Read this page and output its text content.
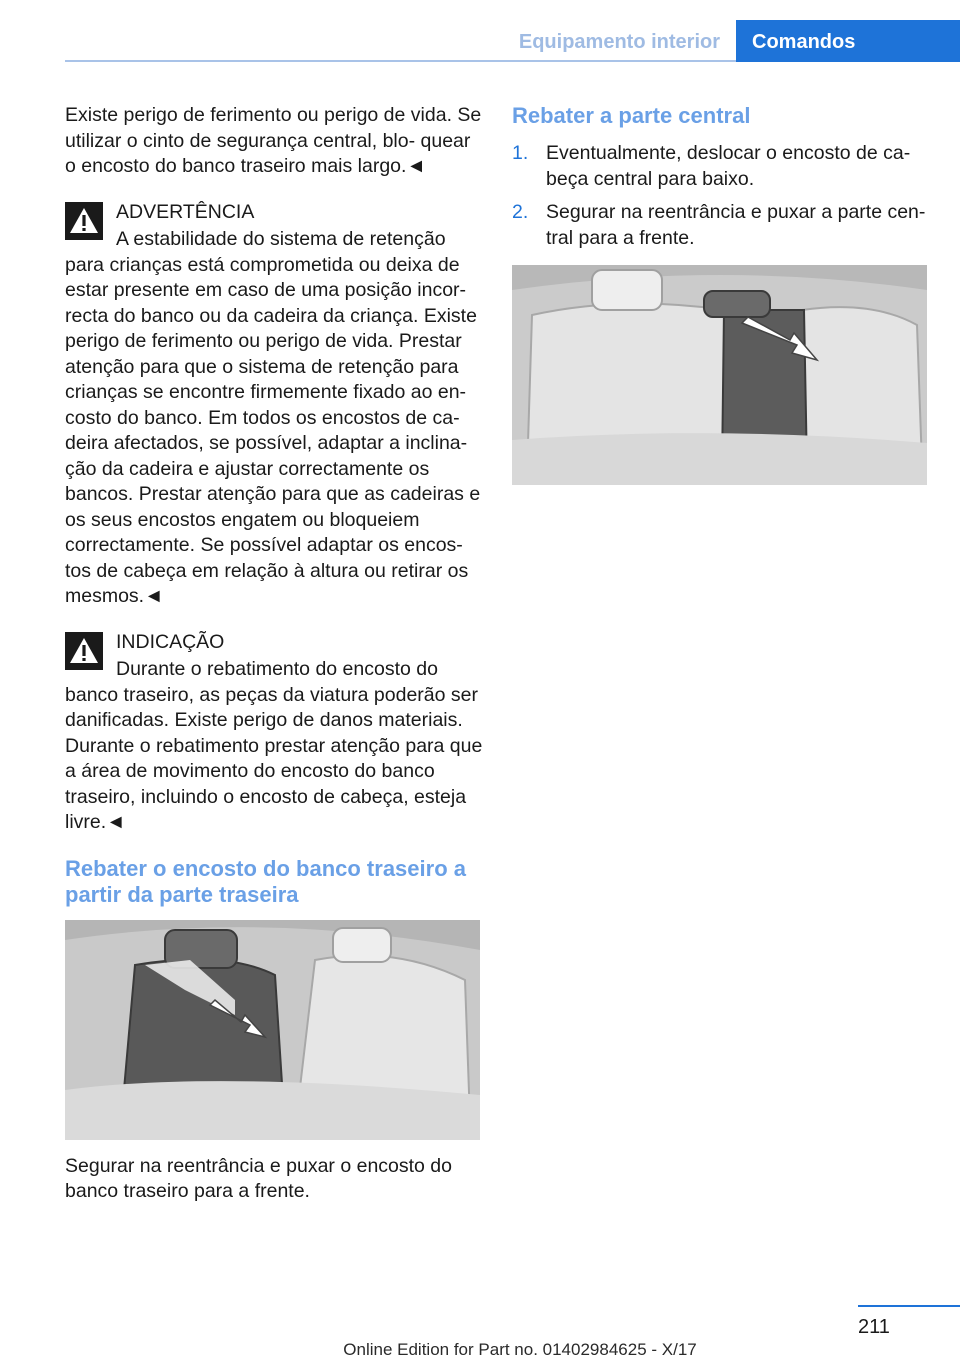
Equipamento interior	Comandos

Existe perigo de ferimento ou perigo de vida. Se utilizar o cinto de segurança central, blo- quear o encosto do banco traseiro mais largo.◄

ADVERTÊNCIA
A estabilidade do sistema de retenção para crianças está comprometida ou deixa de estar presente em caso de uma posição incor- recta do banco ou da cadeira da criança. Existe perigo de ferimento ou perigo de vida. Prestar atenção para que o sistema de retenção para crianças se encontre firmemente fixado ao en- costo do banco. Em todos os encostos de ca- deira afectados, se possível, adaptar a inclina- ção da cadeira e ajustar correctamente os bancos. Prestar atenção para que as cadeiras e os seus encostos engatem ou bloqueiem correctamente. Se possível adaptar os encos- tos de cabeça em relação à altura ou retirar os mesmos.◄
INDICAÇÃO
Durante o rebatimento do encosto do banco traseiro, as peças da viatura poderão ser danificadas. Existe perigo de danos materiais. Durante o rebatimento prestar atenção para que a área de movimento do encosto do banco traseiro, incluindo o encosto de cabeça, esteja livre.◄
Rebater o encosto do banco traseiro a partir da parte traseira

Segurar na reentrância e puxar o encosto do banco traseiro para a frente.

Rebater a parte central
1. Eventualmente, deslocar o encosto de ca- beça central para baixo.
2. Segurar na reentrância e puxar a parte cen- tral para a frente.
211
Online Edition for Part no. 01402984625 - X/17
